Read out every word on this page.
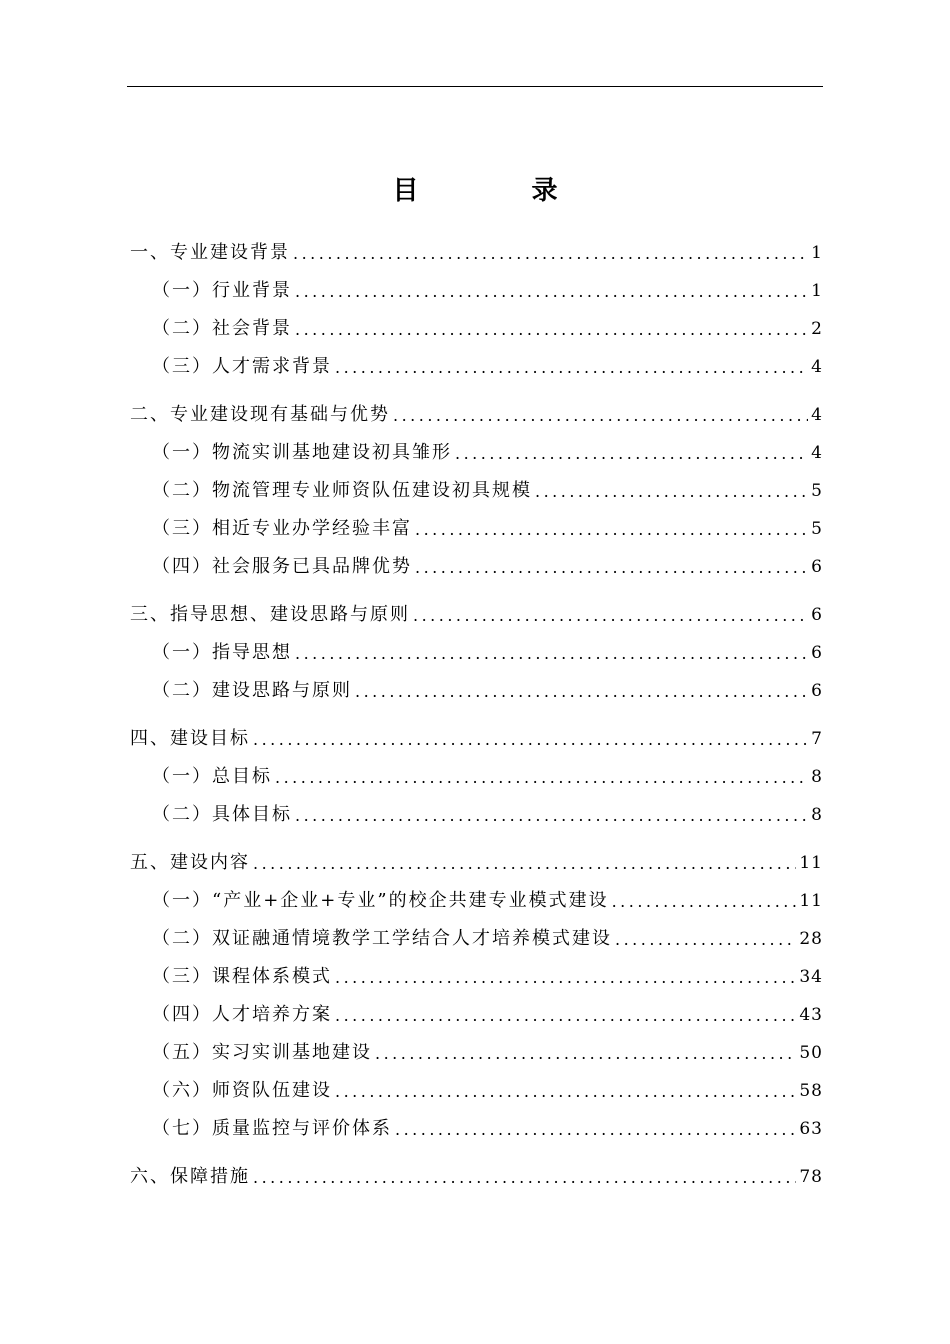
目 录
一、专业建设背景 .....	1
（一）行业背景 .....	1
（二）社会背景 .....	2
（三）人才需求背景 .....	4
二、专业建设现有基础与优势 .....	4
（一）物流实训基地建设初具雏形 .....	4
（二）物流管理专业师资队伍建设初具规模 .....	5
（三）相近专业办学经验丰富 .....	5
（四）社会服务已具品牌优势 .....	6
三、指导思想、建设思路与原则 .....	6
（一）指导思想 .....	6
（二）建设思路与原则 .....	6
四、建设目标 .....	7
（一）总目标 .....	8
（二）具体目标 .....	8
五、建设内容 .....	11
（一）“产业+企业+专业”的校企共建专业模式建设 .....	11
（二）双证融通情境教学工学结合人才培养模式建设 .....	28
（三）课程体系模式 .....	34
（四）人才培养方案 .....	43
（五）实习实训基地建设 .....	50
（六）师资队伍建设 .....	58
（七）质量监控与评价体系 .....	63
六、保障措施 .....	78
